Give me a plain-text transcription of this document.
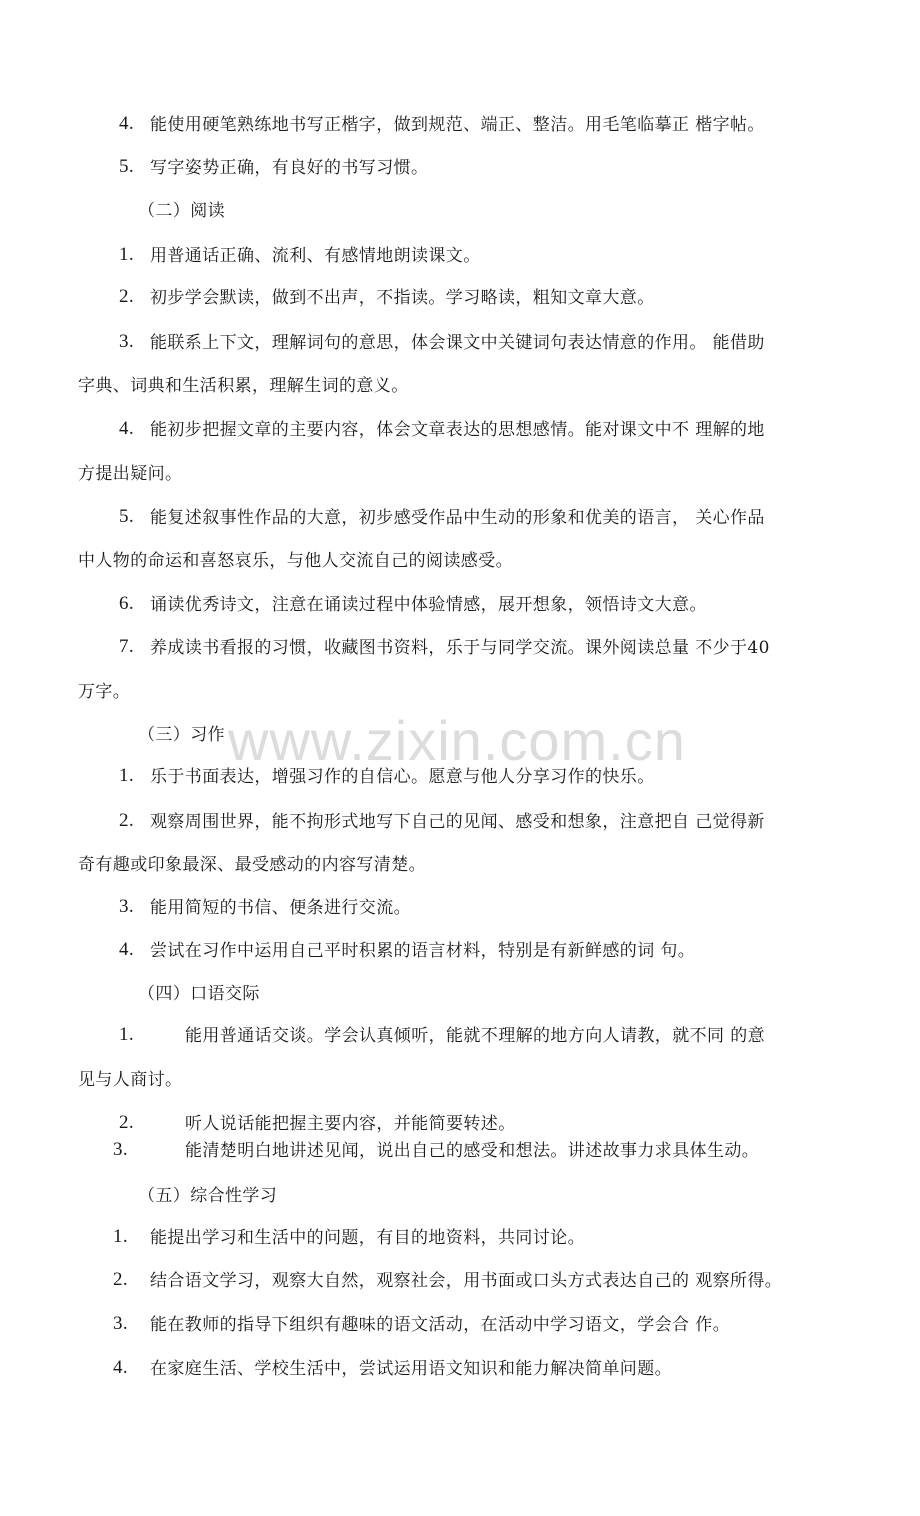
www.zixin.com.cn
4. 能使用硬笔熟练地书写正楷字，做到规范、端正、整洁。用毛笔临摹正 楷字帖。
5. 写字姿势正确，有良好的书写习惯。
（二）阅读
1. 用普通话正确、流利、有感情地朗读课文。
2. 初步学会默读，做到不出声，不指读。学习略读，粗知文章大意。
3. 能联系上下文，理解词句的意思，体会课文中关键词句表达情意的作用。 能借助
字典、词典和生活积累，理解生词的意义。
4. 能初步把握文章的主要内容，体会文章表达的思想感情。能对课文中不 理解的地
方提出疑问。
5. 能复述叙事性作品的大意，初步感受作品中生动的形象和优美的语言， 关心作品
中人物的命运和喜怒哀乐，与他人交流自己的阅读感受。
6. 诵读优秀诗文，注意在诵读过程中体验情感，展开想象，领悟诗文大意。
7. 养成读书看报的习惯，收藏图书资料，乐于与同学交流。课外阅读总量 不少于40
万字。
（三）习作
1. 乐于书面表达，增强习作的自信心。愿意与他人分享习作的快乐。
2. 观察周围世界，能不拘形式地写下自己的见闻、感受和想象，注意把自 己觉得新
奇有趣或印象最深、最受感动的内容写清楚。
3. 能用简短的书信、便条进行交流。
4. 尝试在习作中运用自己平时积累的语言材料，特别是有新鲜感的词 句。
（四）口语交际
1.	能用普通话交谈。学会认真倾听，能就不理解的地方向人请教，就不同 的意
见与人商讨。
2.	听人说话能把握主要内容，并能简要转述。
3.	能清楚明白地讲述见闻，说出自己的感受和想法。讲述故事力求具体生动。
（五）综合性学习
1. 能提出学习和生活中的问题，有目的地资料，共同讨论。
2. 结合语文学习，观察大自然，观察社会，用书面或口头方式表达自己的 观察所得。
3. 能在教师的指导下组织有趣味的语文活动，在活动中学习语文，学会合 作。
4. 在家庭生活、学校生活中，尝试运用语文知识和能力解决简单问题。
